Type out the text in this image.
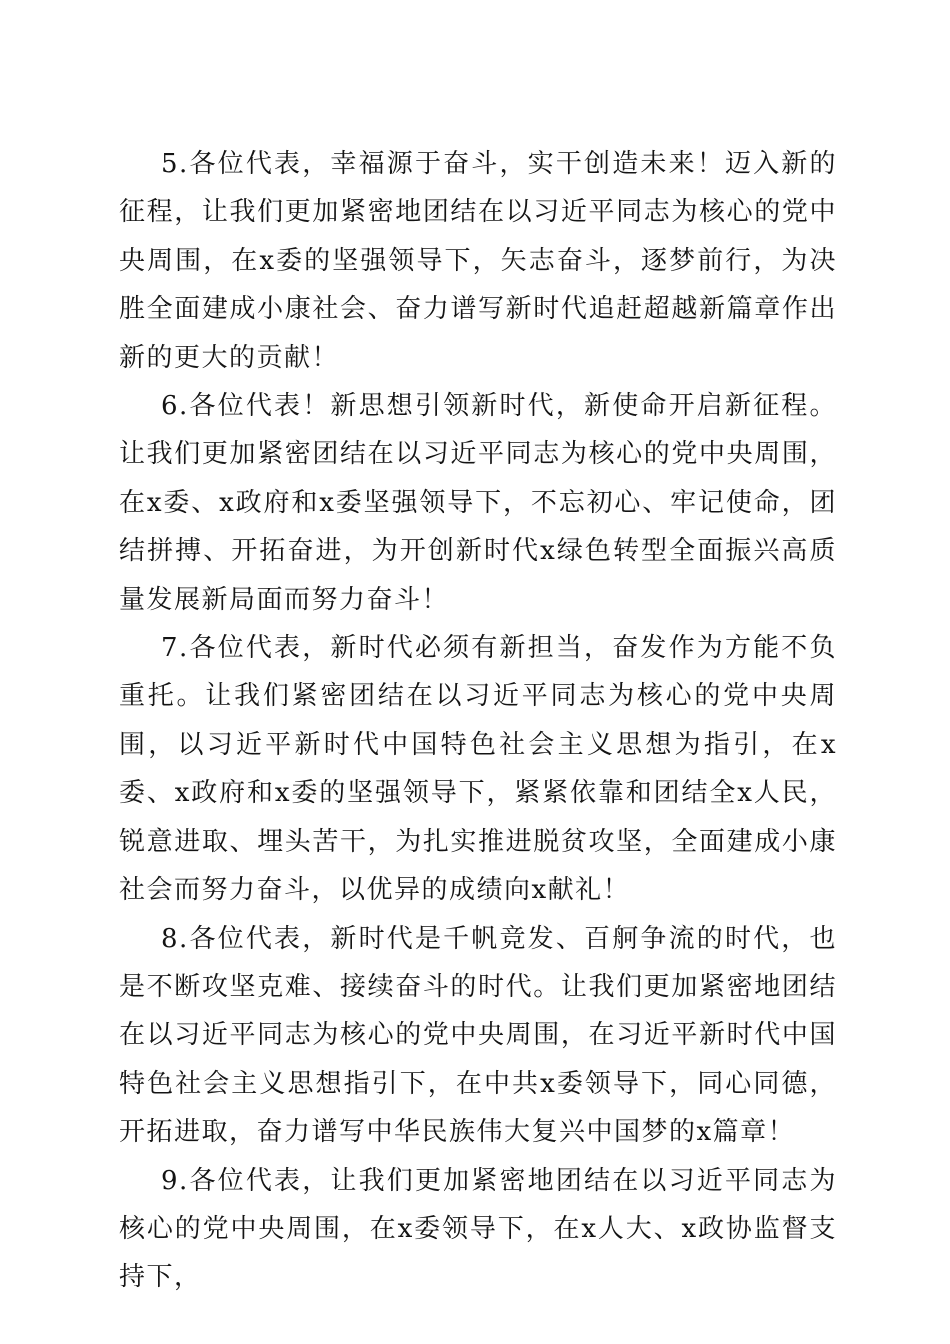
5.各位代表，幸福源于奋斗，实干创造未来！迈入新的征程，让我们更加紧密地团结在以习近平同志为核心的党中央周围，在x委的坚强领导下，矢志奋斗，逐梦前行，为决胜全面建成小康社会、奋力谱写新时代追赶超越新篇章作出新的更大的贡献！

6.各位代表！新思想引领新时代，新使命开启新征程。让我们更加紧密团结在以习近平同志为核心的党中央周围，在x委、x政府和x委坚强领导下，不忘初心、牢记使命，团结拼搏、开拓奋进，为开创新时代x绿色转型全面振兴高质量发展新局面而努力奋斗！

7.各位代表，新时代必须有新担当，奋发作为方能不负重托。让我们紧密团结在以习近平同志为核心的党中央周围，以习近平新时代中国特色社会主义思想为指引，在x委、x政府和x委的坚强领导下，紧紧依靠和团结全x人民，锐意进取、埋头苦干，为扎实推进脱贫攻坚，全面建成小康社会而努力奋斗，以优异的成绩向x献礼！

8.各位代表，新时代是千帆竞发、百舸争流的时代，也是不断攻坚克难、接续奋斗的时代。让我们更加紧密地团结在以习近平同志为核心的党中央周围，在习近平新时代中国特色社会主义思想指引下，在中共x委领导下，同心同德，开拓进取，奋力谱写中华民族伟大复兴中国梦的x篇章！

9.各位代表，让我们更加紧密地团结在以习近平同志为核心的党中央周围，在x委领导下，在x人大、x政协监督支持下，
